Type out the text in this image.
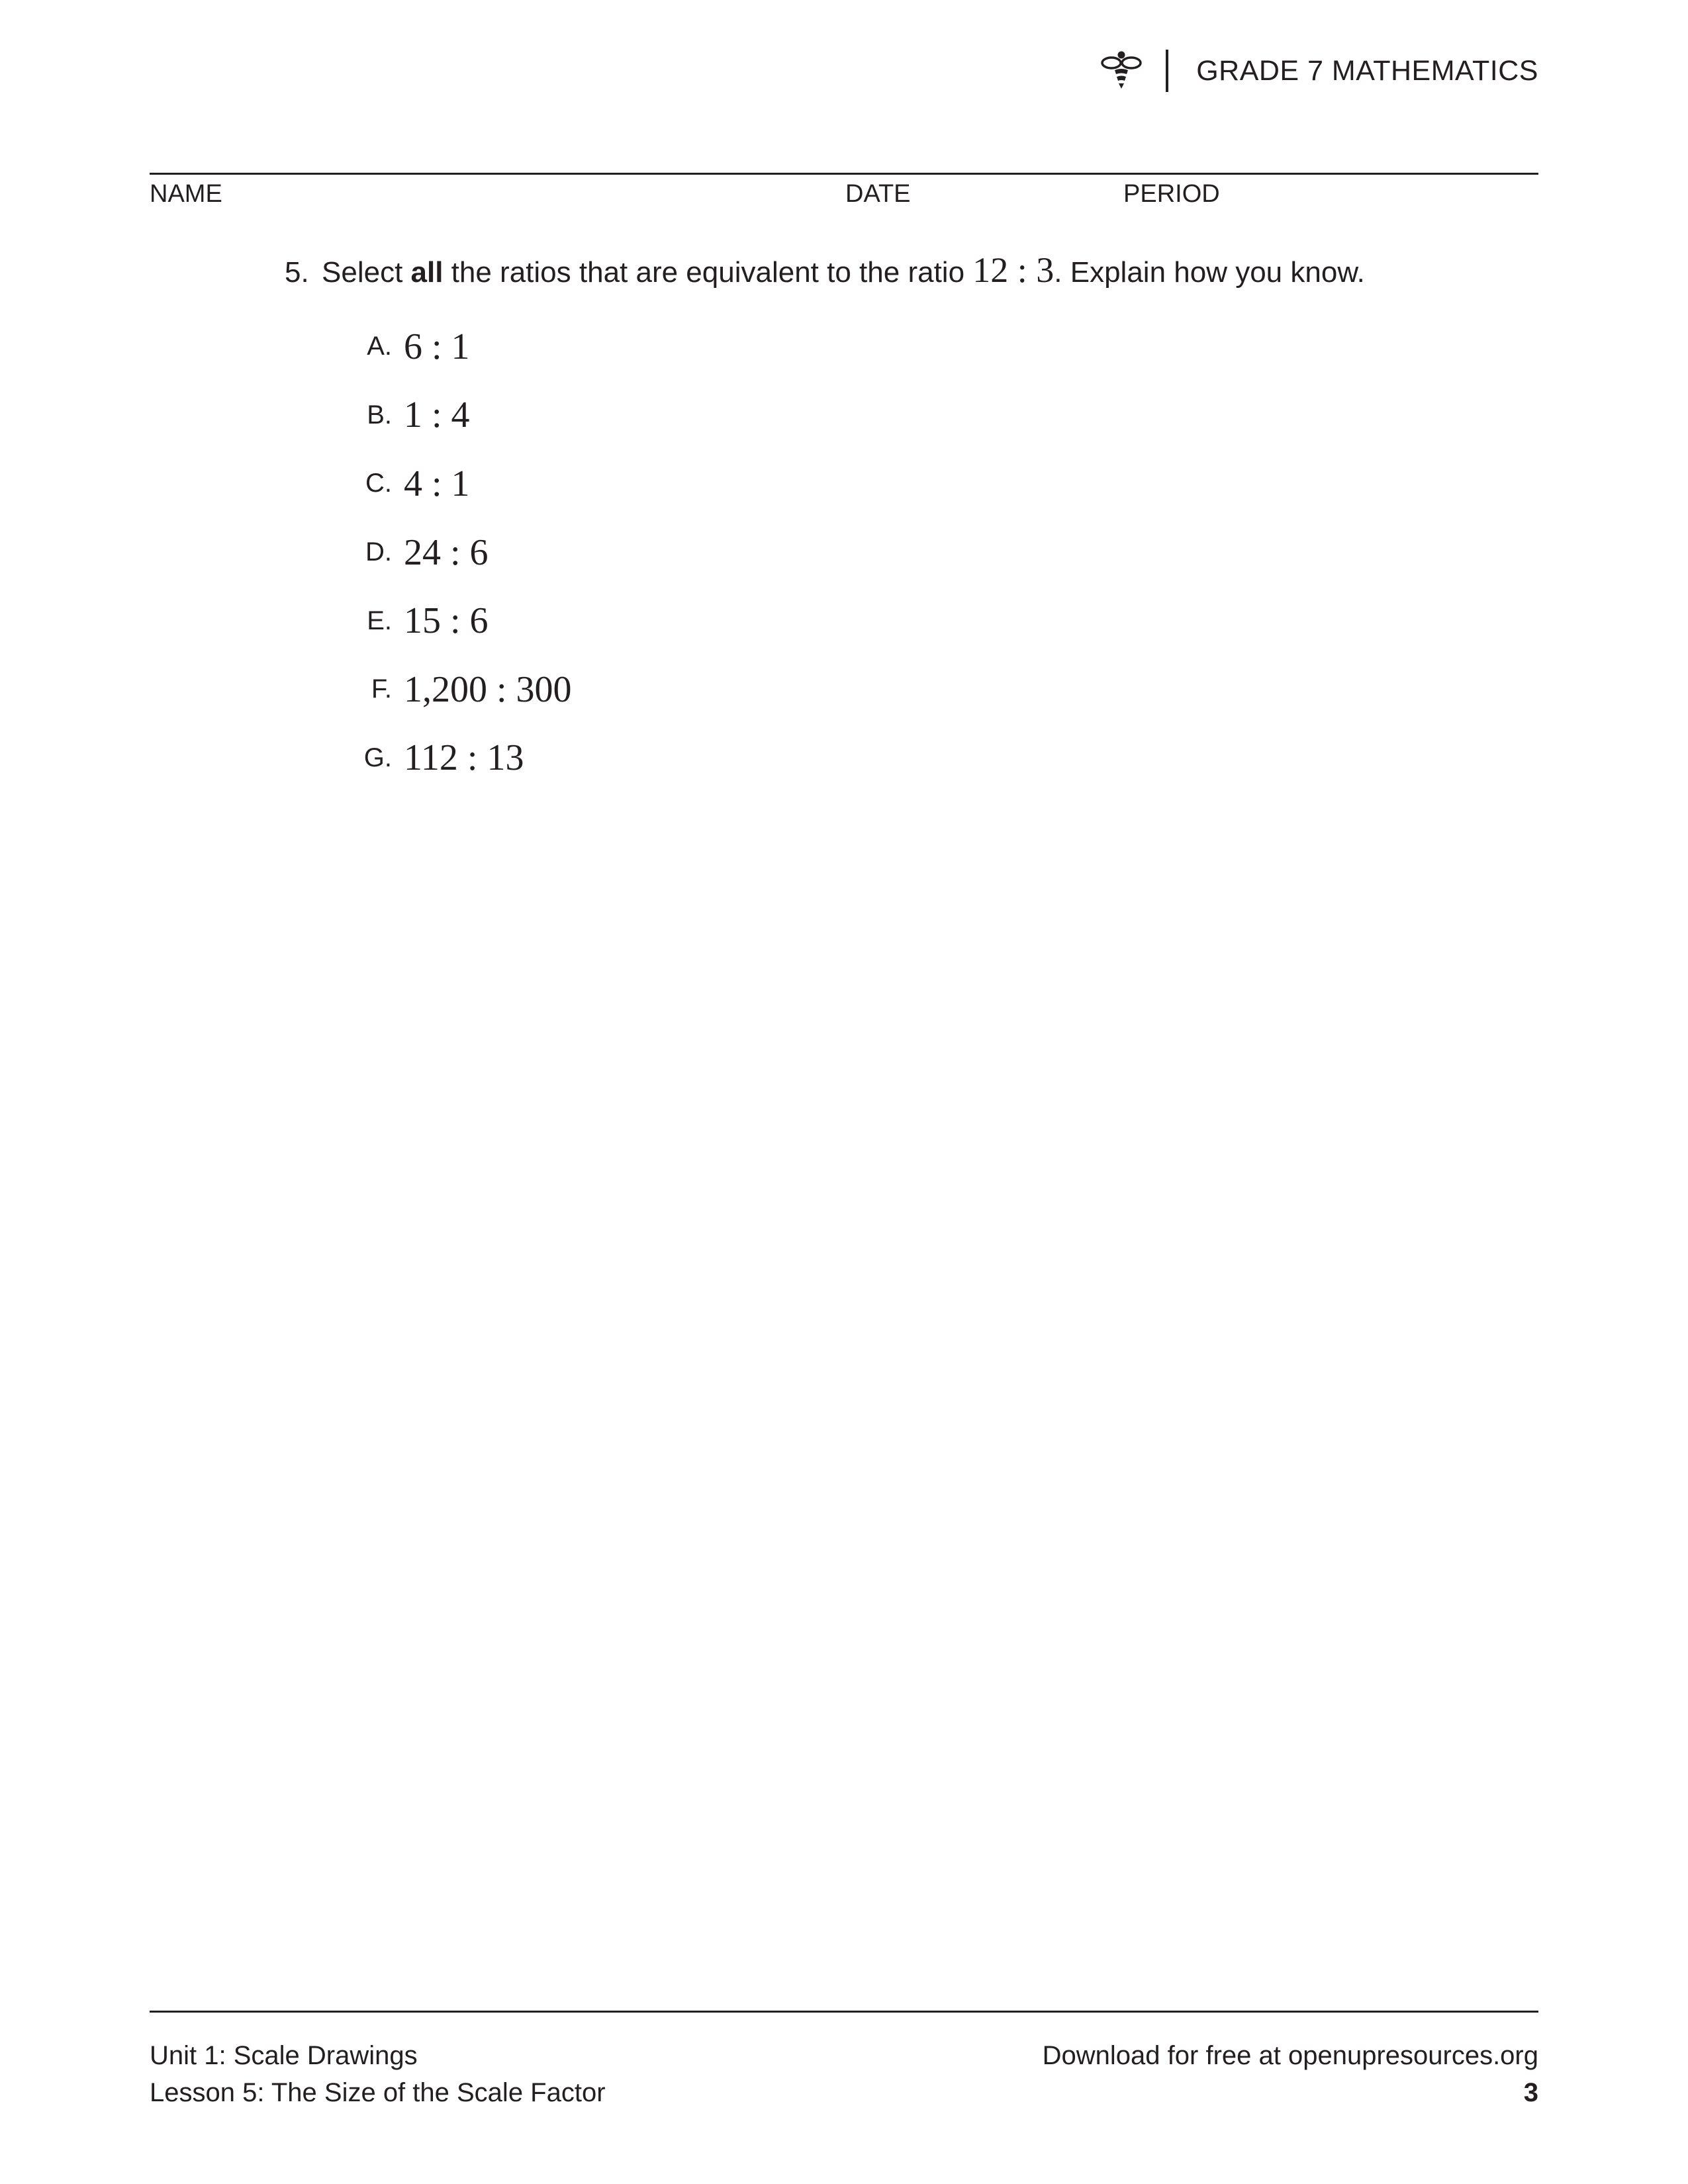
GRADE 7 MATHEMATICS
NAME	DATE	PERIOD
5. Select all the ratios that are equivalent to the ratio 12 : 3. Explain how you know.
A. 6 : 1
B. 1 : 4
C. 4 : 1
D. 24 : 6
E. 15 : 6
F. 1,200 : 300
G. 112 : 13
Unit 1: Scale Drawings
Lesson 5: The Size of the Scale Factor
Download for free at openupresources.org
3
